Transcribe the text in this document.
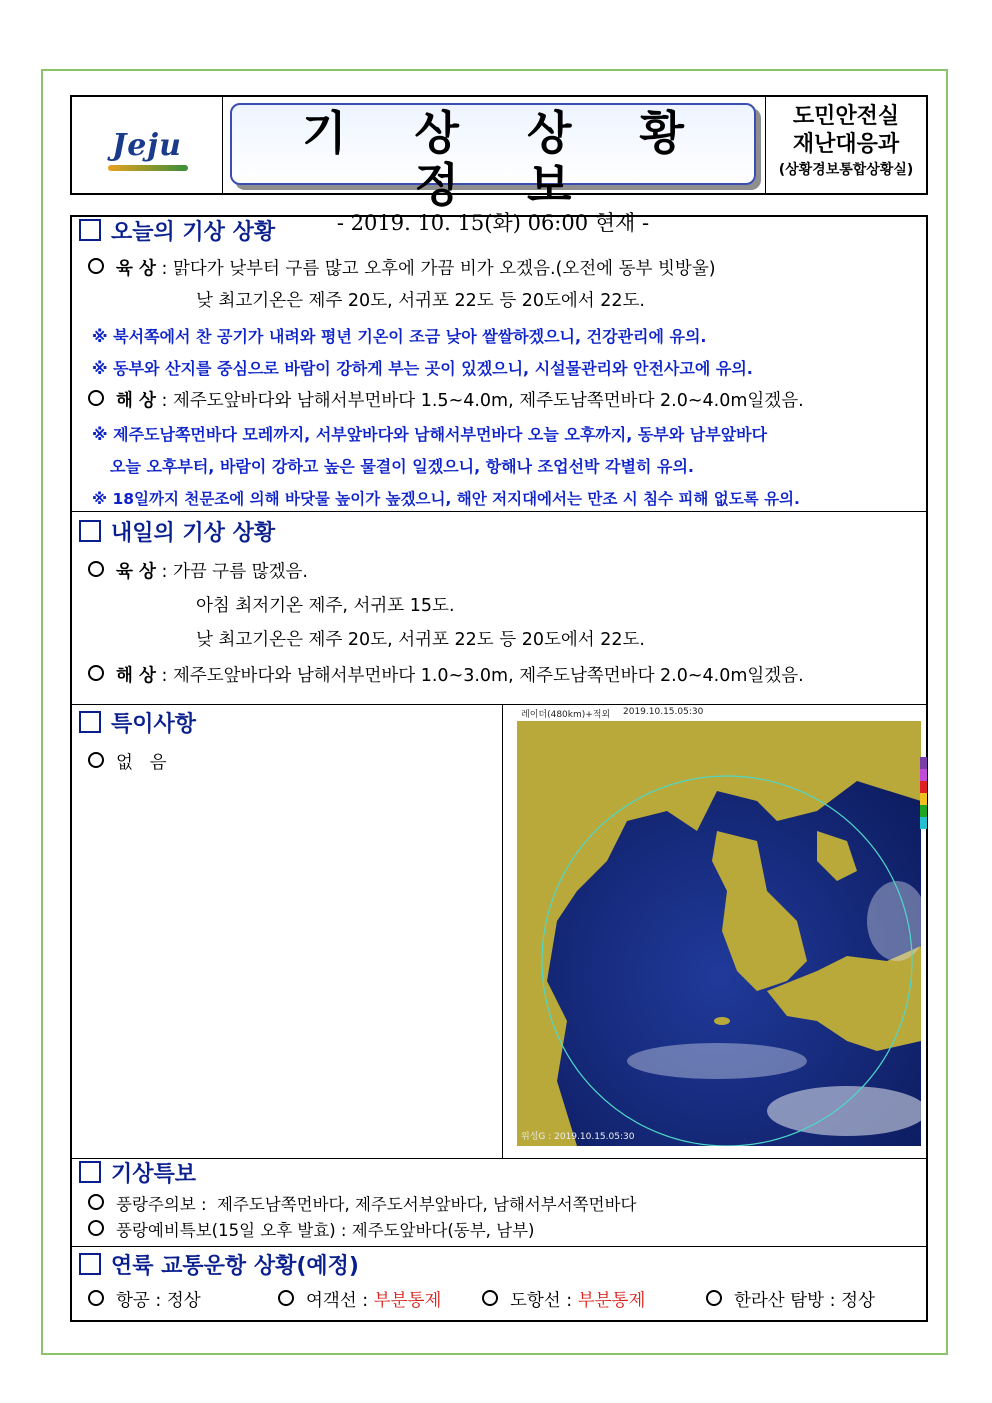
Jeju	기 상 상 황 정 보
- 2019. 10. 15(화) 06:00 현재 -
도민안전실
재난대응과
(상황경보통합상황실)
오늘의 기상 상황
육 상 : 맑다가 낮부터 구름 많고 오후에 가끔 비가 오겠음.(오전에 동부 빗방울)
낮 최고기온은 제주 20도, 서귀포 22도 등 20도에서 22도.
※ 북서쪽에서 찬 공기가 내려와 평년 기온이 조금 낮아 쌀쌀하겠으니, 건강관리에 유의.
※ 동부와 산지를 중심으로 바람이 강하게 부는 곳이 있겠으니, 시설물관리와 안전사고에 유의.
해 상 : 제주도앞바다와 남해서부먼바다 1.5~4.0m, 제주도남쪽먼바다 2.0~4.0m일겠음.
※ 제주도남쪽먼바다 모레까지, 서부앞바다와 남해서부먼바다 오늘 오후까지, 동부와 남부앞바다
오늘 오후부터, 바람이 강하고 높은 물결이 일겠으니, 항해나 조업선박 각별히 유의.
※ 18일까지 천문조에 의해 바닷물 높이가 높겠으니, 해안 저지대에서는 만조 시 침수 피해 없도록 유의.
내일의 기상 상황
육 상 : 가끔 구름 많겠음.
아침 최저기온 제주, 서귀포 15도.
낮 최고기온은 제주 20도, 서귀포 22도 등 20도에서 22도.
해 상 : 제주도앞바다와 남해서부먼바다 1.0~3.0m, 제주도남쪽먼바다 2.0~4.0m일겠음.
특이사항
없   음
레이더(480km)+적외 2019.10.15.05:30
위성G : 2019.10.15.05:30
기상특보
풍랑주의보 :  제주도남쪽먼바다, 제주도서부앞바다, 남해서부서쪽먼바다
풍랑예비특보(15일 오후 발효) : 제주도앞바다(동부, 남부)
연륙 교통운항 상황(예정)
항공 : 정상	여객선 : 부분통제	도항선 : 부분통제	한라산 탐방 : 정상
